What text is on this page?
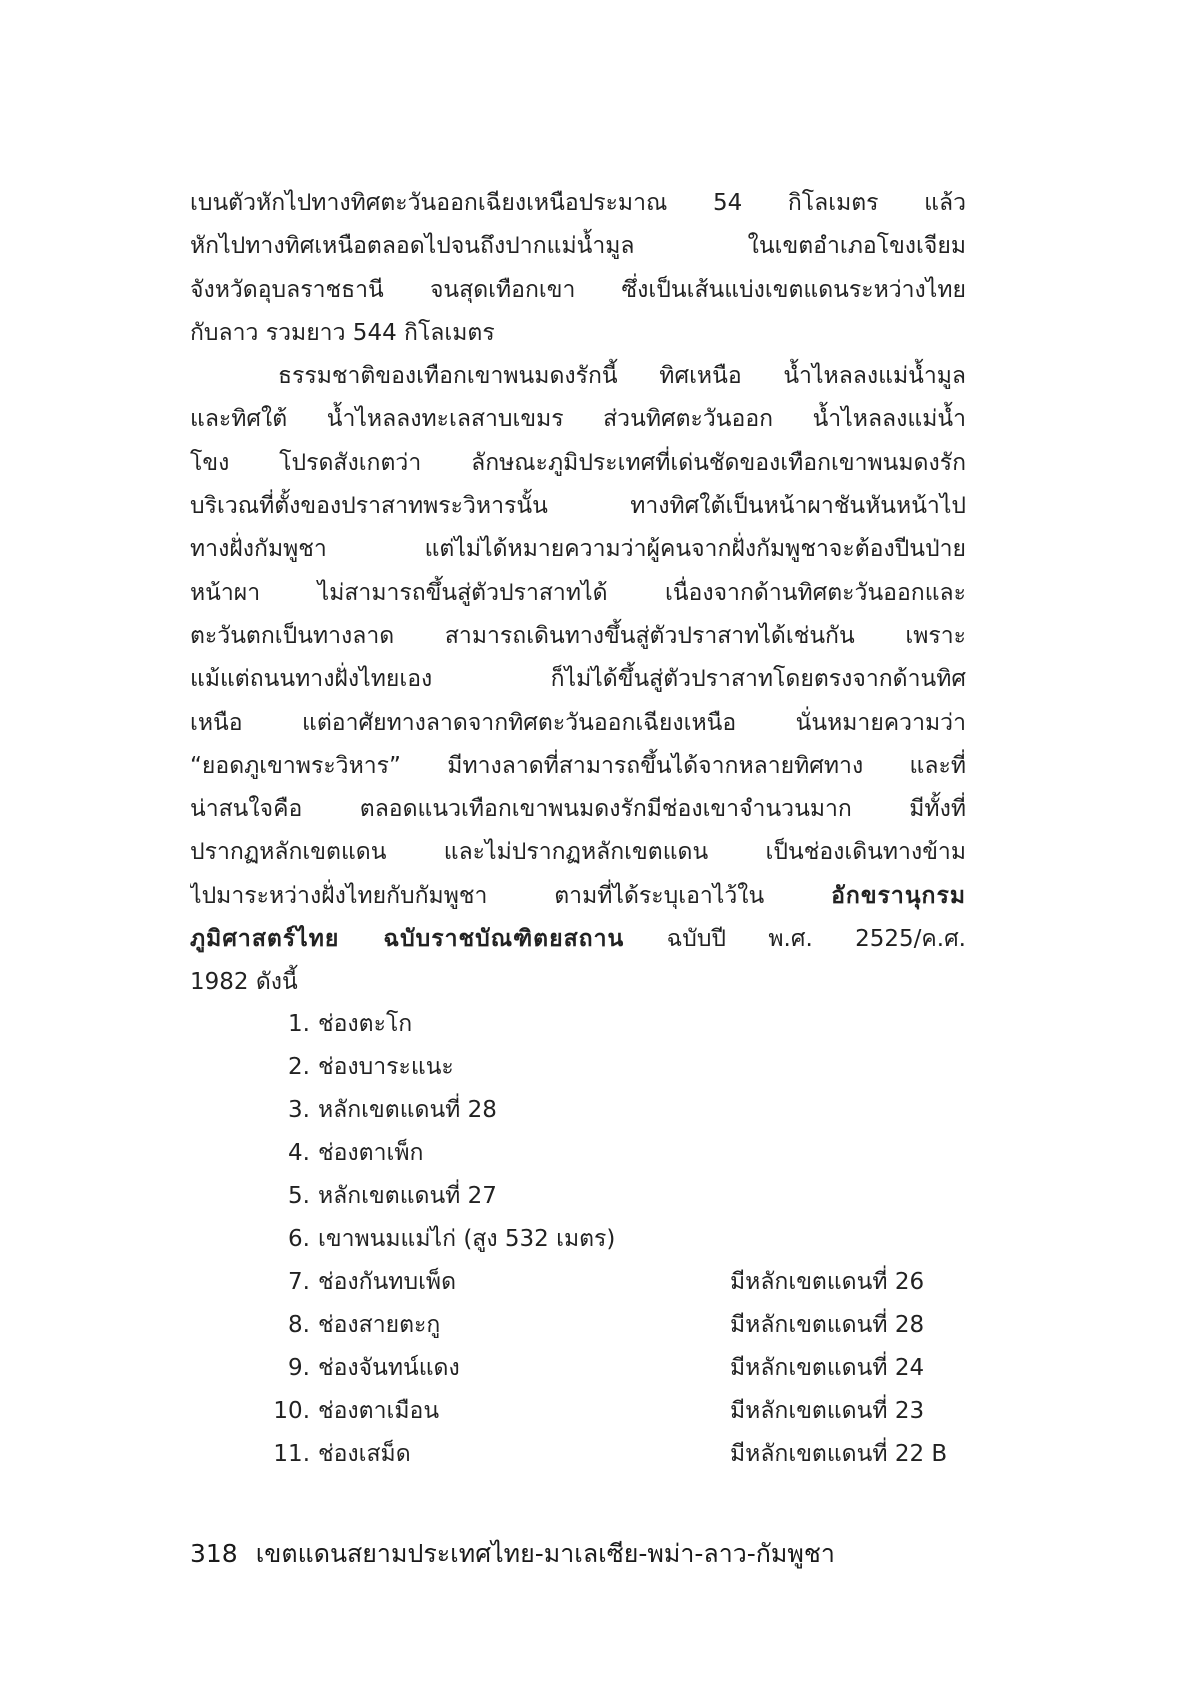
เบนตัวหักไปทางทิศตะวันออกเฉียงเหนือประมาณ 54 กิโลเมตร แล้ว
หักไปทางทิศเหนือตลอดไปจนถึงปากแม่น้ำมูล ในเขตอำเภอโขงเจียม
จังหวัดอุบลราชธานี จนสุดเทือกเขา ซึ่งเป็นเส้นแบ่งเขตแดนระหว่างไทย
กับลาว รวมยาว 544 กิโลเมตร
ธรรมชาติของเทือกเขาพนมดงรักนี้ ทิศเหนือ น้ำไหลลงแม่น้ำมูล
และทิศใต้ น้ำไหลลงทะเลสาบเขมร ส่วนทิศตะวันออก น้ำไหลลงแม่น้ำ
โขง โปรดสังเกตว่า ลักษณะภูมิประเทศที่เด่นชัดของเทือกเขาพนมดงรัก
บริเวณที่ตั้งของปราสาทพระวิหารนั้น ทางทิศใต้เป็นหน้าผาชันหันหน้าไป
ทางฝั่งกัมพูชา แต่ไม่ได้หมายความว่าผู้คนจากฝั่งกัมพูชาจะต้องปีนป่าย
หน้าผา ไม่สามารถขึ้นสู่ตัวปราสาทได้ เนื่องจากด้านทิศตะวันออกและ
ตะวันตกเป็นทางลาด สามารถเดินทางขึ้นสู่ตัวปราสาทได้เช่นกัน เพราะ
แม้แต่ถนนทางฝั่งไทยเอง ก็ไม่ได้ขึ้นสู่ตัวปราสาทโดยตรงจากด้านทิศ
เหนือ แต่อาศัยทางลาดจากทิศตะวันออกเฉียงเหนือ นั่นหมายความว่า
“ยอดภูเขาพระวิหาร” มีทางลาดที่สามารถขึ้นได้จากหลายทิศทาง และที่
น่าสนใจคือ ตลอดแนวเทือกเขาพนมดงรักมีช่องเขาจำนวนมาก มีทั้งที่
ปรากฏหลักเขตแดน และไม่ปรากฏหลักเขตแดน เป็นช่องเดินทางข้าม
ไปมาระหว่างฝั่งไทยกับกัมพูชา ตามที่ได้ระบุเอาไว้ใน	อักขรานุกรม
ภูมิศาสตร์ไทย ฉบับราชบัณฑิตยสถาน ฉบับปี พ.ศ. 2525/ค.ศ.
1982 ดังนี้
1. ช่องตะโก
2. ช่องบาระแนะ
3. หลักเขตแดนที่ 28
4. ช่องตาเพ็ก
5. หลักเขตแดนที่ 27
6. เขาพนมแม่ไก่ (สูง 532 เมตร)
7. ช่องกันทบเพ็ด	มีหลักเขตแดนที่ 26
8. ช่องสายตะกู	มีหลักเขตแดนที่ 28
9. ช่องจันทน์แดง	มีหลักเขตแดนที่ 24
10. ช่องตาเมือน	มีหลักเขตแดนที่ 23
11. ช่องเสม็ด	มีหลักเขตแดนที่ 22 B
318 เขตแดนสยามประเทศไทย-มาเลเซีย-พม่า-ลาว-กัมพูชา
